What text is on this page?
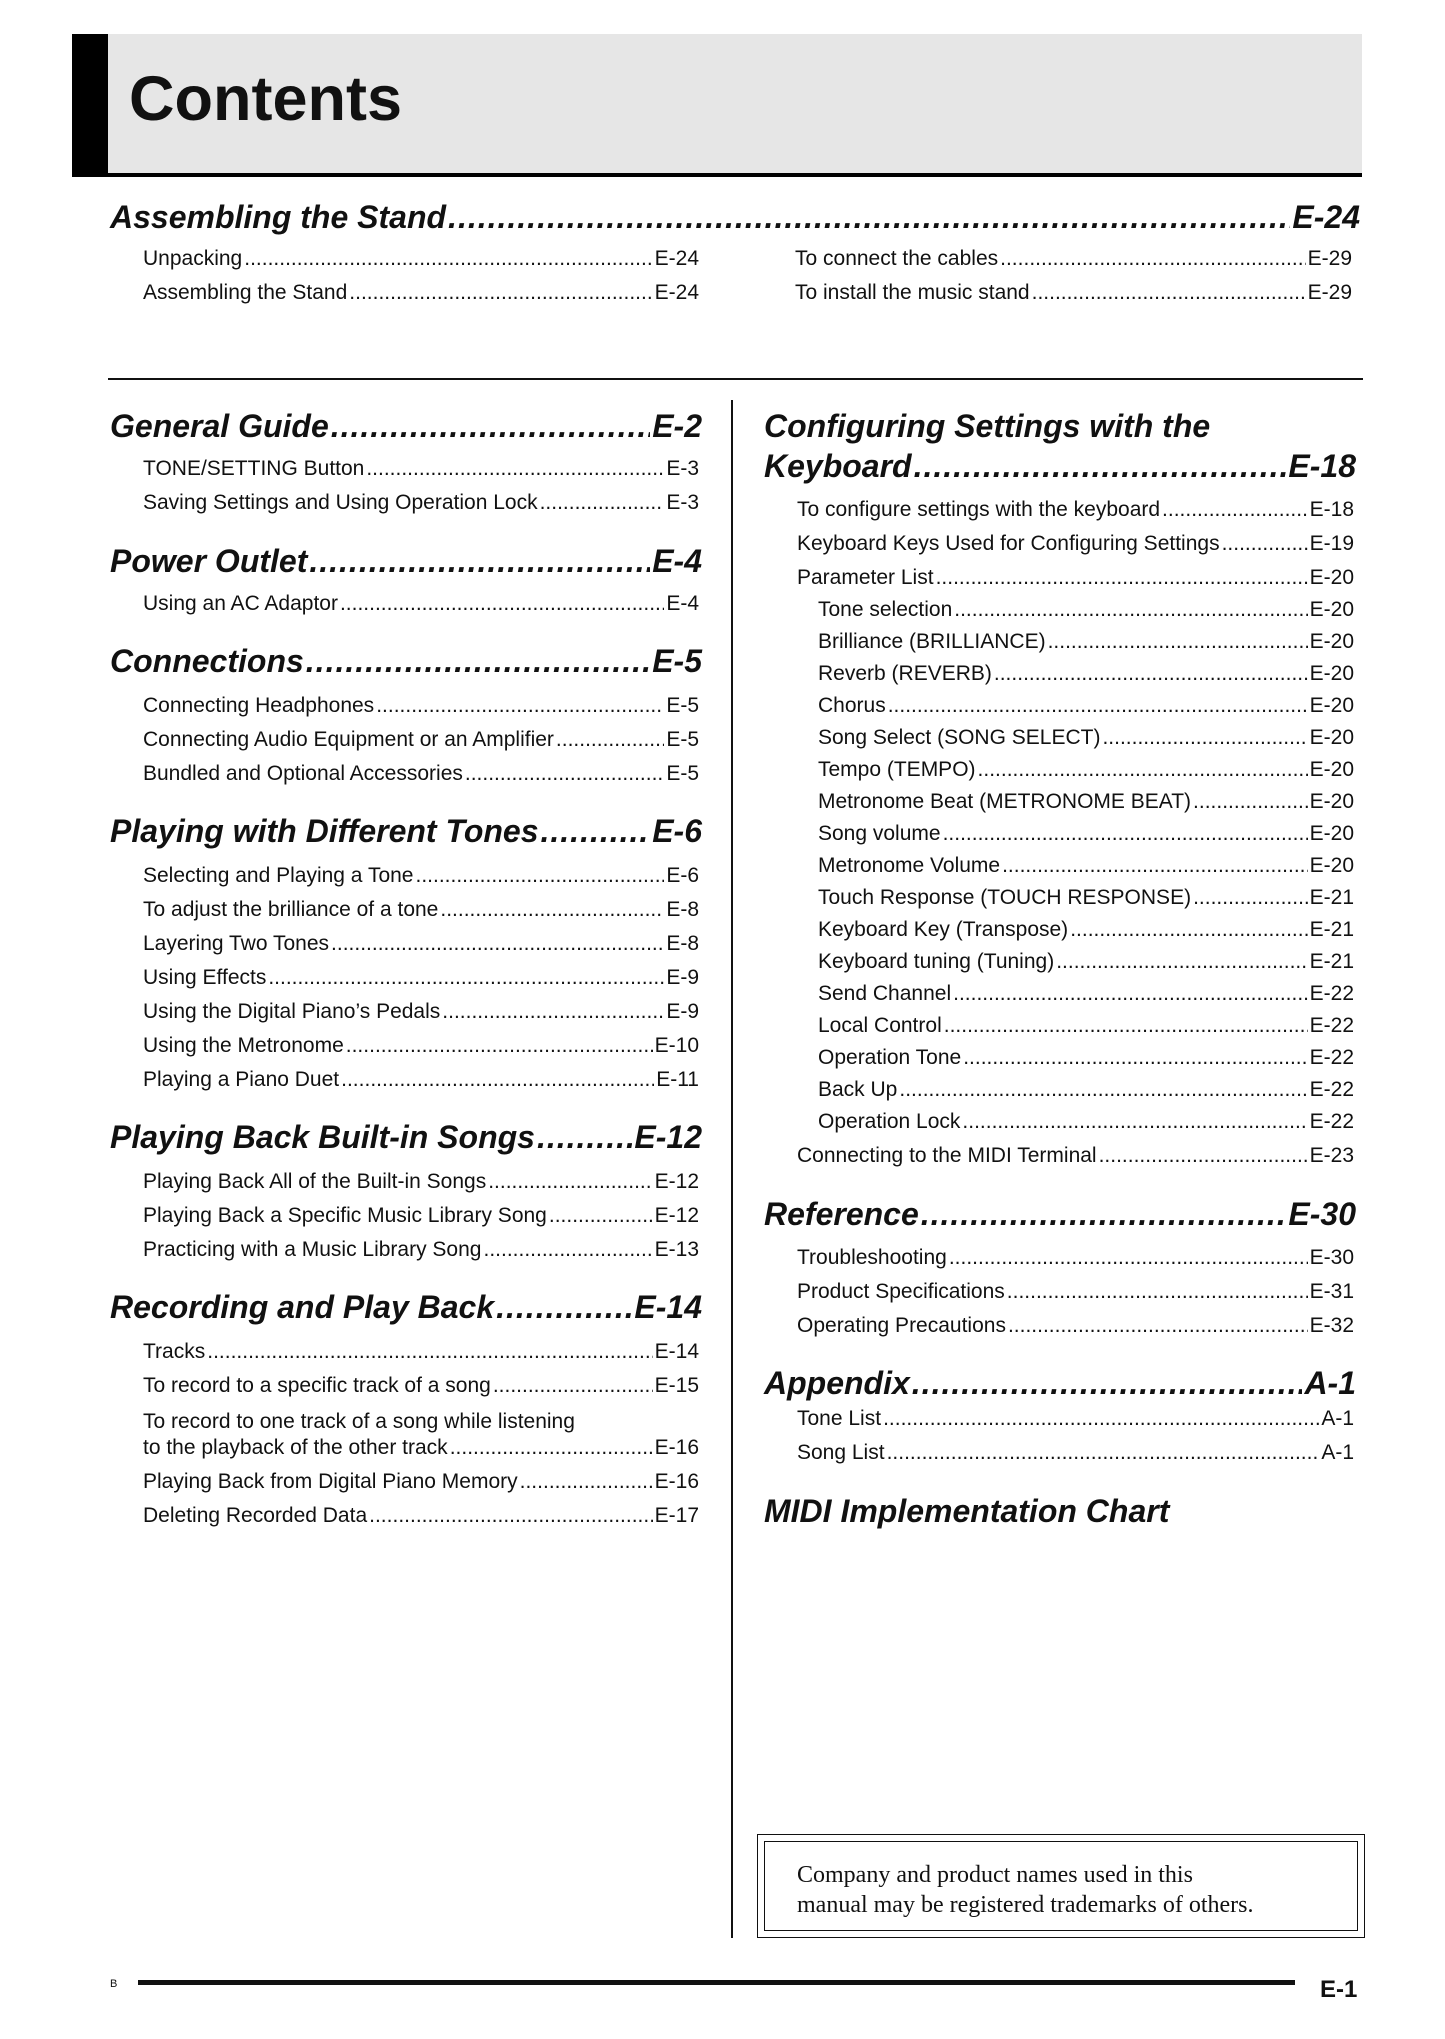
Contents
Assembling the Stand .....	E-24
Unpacking .....	E-24
Assembling the Stand .....	E-24
To connect the cables .....	E-29
To install the music stand .....	E-29
General Guide .....	E-2
TONE/SETTING Button .....	E-3
Saving Settings and Using Operation Lock .....	E-3
Power Outlet .....	E-4
Using an AC Adaptor .....	E-4
Connections .....	E-5
Connecting Headphones .....	E-5
Connecting Audio Equipment or an Amplifier .....	E-5
Bundled and Optional Accessories .....	E-5
Playing with Different Tones .....	E-6
Selecting and Playing a Tone .....	E-6
To adjust the brilliance of a tone .....	E-8
Layering Two Tones .....	E-8
Using Effects .....	E-9
Using the Digital Piano’s Pedals .....	E-9
Using the Metronome .....	E-10
Playing a Piano Duet .....	E-11
Playing Back Built-in Songs .....	E-12
Playing Back All of the Built-in Songs .....	E-12
Playing Back a Specific Music Library Song .....	E-12
Practicing with a Music Library Song .....	E-13
Recording and Play Back .....	E-14
Tracks .....	E-14
To record to a specific track of a song .....	E-15
To record to one track of a song while listening
to the playback of the other track .....	E-16
Playing Back from Digital Piano Memory .....	E-16
Deleting Recorded Data .....	E-17
Configuring Settings with the
Keyboard .....	E-18
To configure settings with the keyboard .....	E-18
Keyboard Keys Used for Configuring Settings .....	E-19
Parameter List .....	E-20
Tone selection .....	E-20
Brilliance (BRILLIANCE) .....	E-20
Reverb (REVERB) .....	E-20
Chorus .....	E-20
Song Select (SONG SELECT) .....	E-20
Tempo (TEMPO) .....	E-20
Metronome Beat (METRONOME BEAT) .....	E-20
Song volume .....	E-20
Metronome Volume .....	E-20
Touch Response (TOUCH RESPONSE) .....	E-21
Keyboard Key (Transpose) .....	E-21
Keyboard tuning (Tuning) .....	E-21
Send Channel .....	E-22
Local Control .....	E-22
Operation Tone .....	E-22
Back Up .....	E-22
Operation Lock .....	E-22
Connecting to the MIDI Terminal .....	E-23
Reference .....	E-30
Troubleshooting .....	E-30
Product Specifications .....	E-31
Operating Precautions .....	E-32
Appendix .....	A-1
Tone List .....	A-1
Song List .....	A-1
MIDI Implementation Chart
Company and product names used in this
manual may be registered trademarks of others.
B	E-1
